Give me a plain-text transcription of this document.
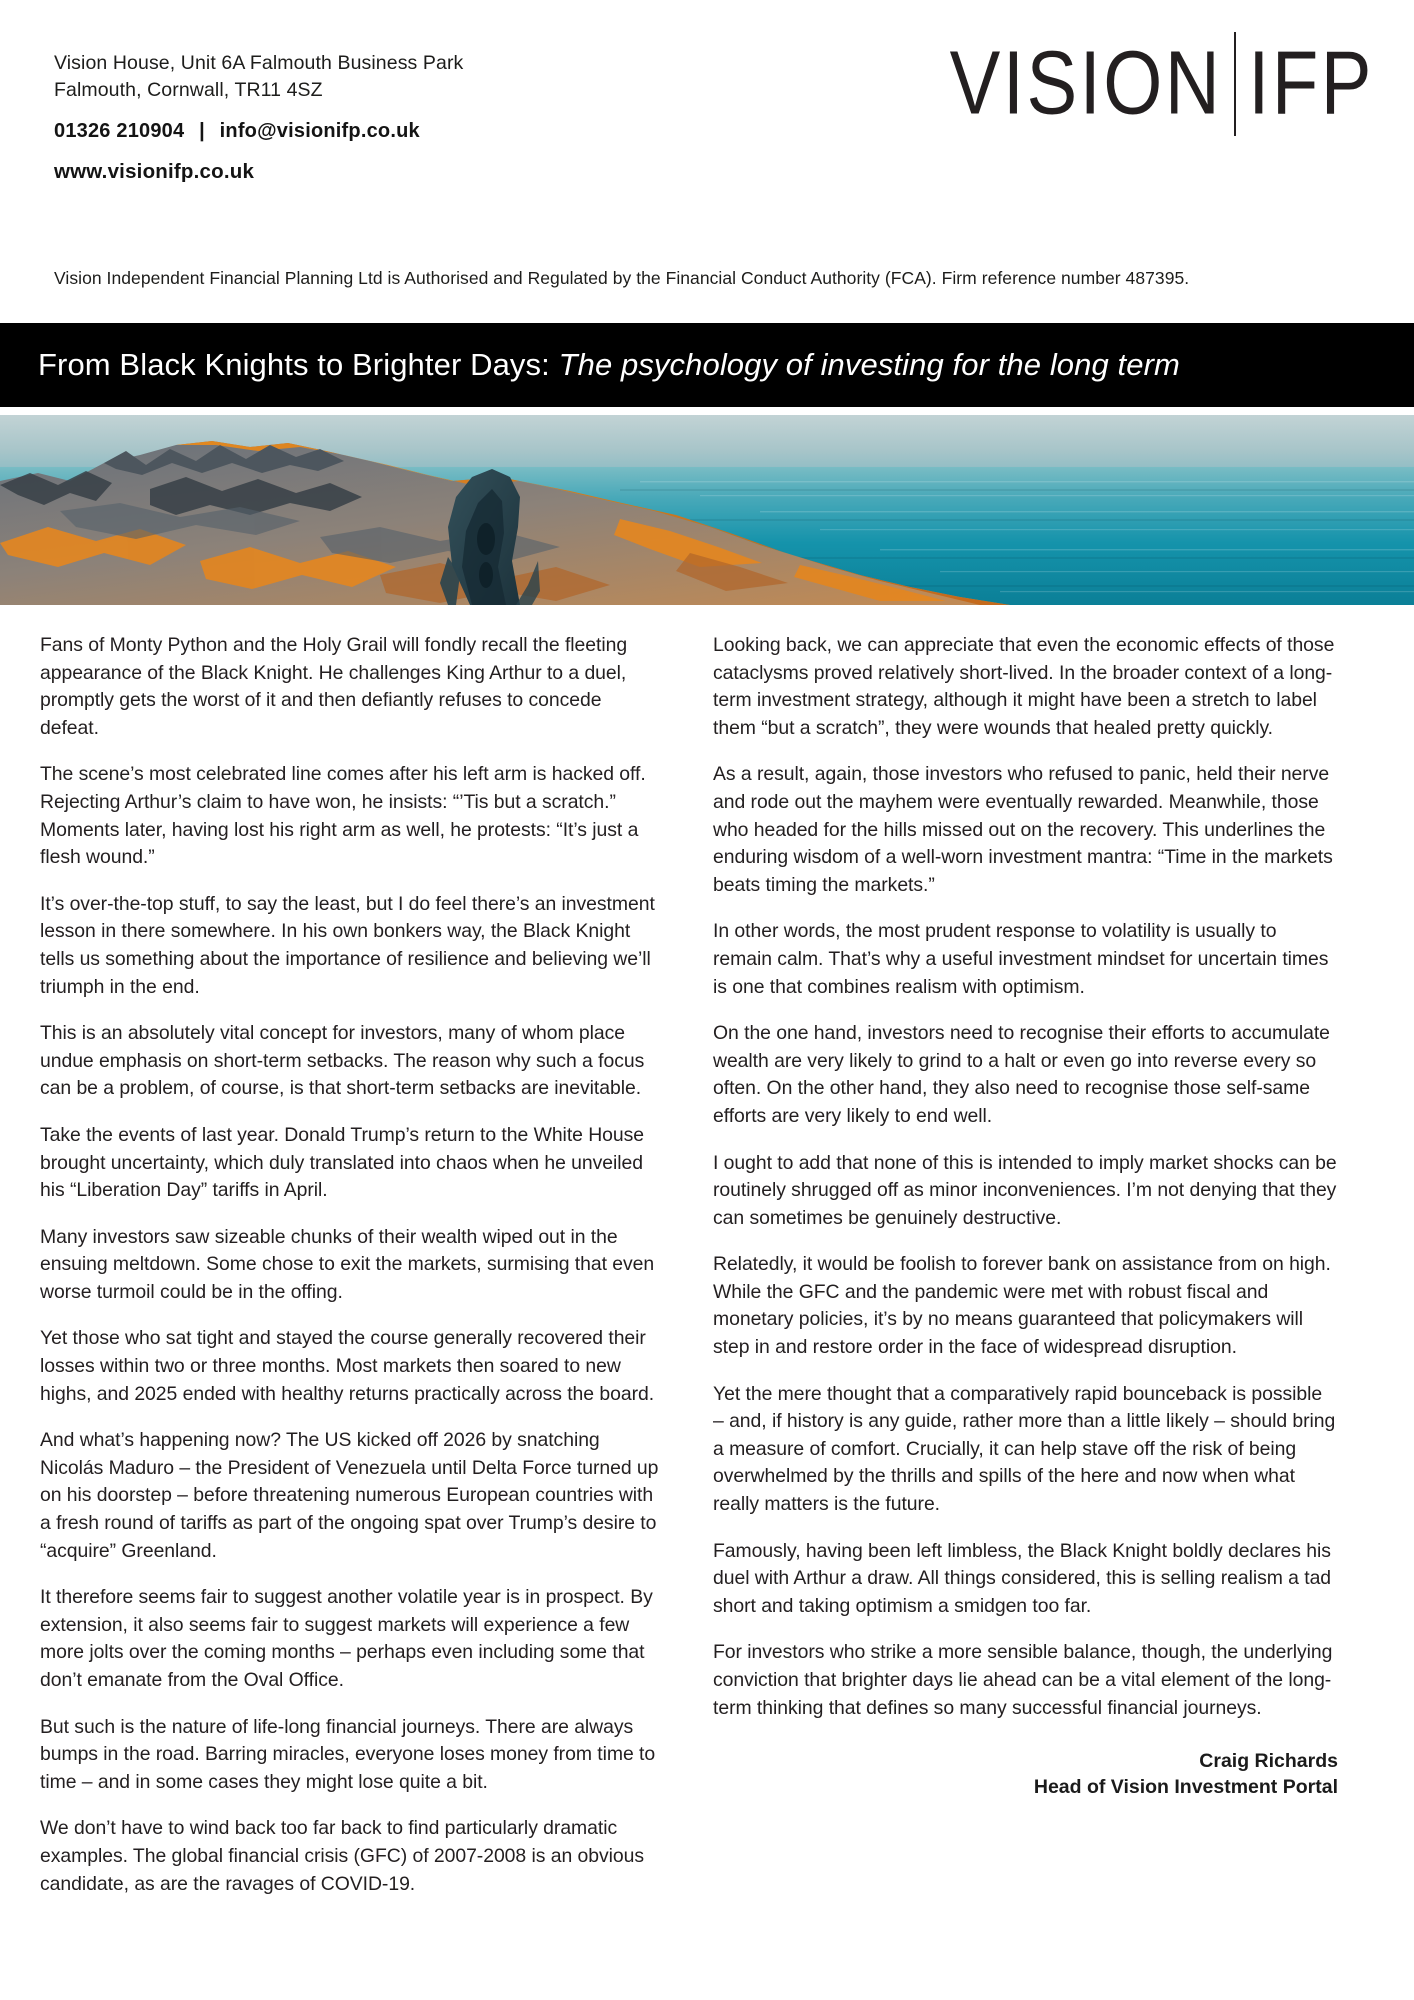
Vision House, Unit 6A Falmouth Business Park
Falmouth, Cornwall, TR11 4SZ
01326 210904 | info@visionifp.co.uk
www.visionifp.co.uk
VISION IFP
Vision Independent Financial Planning Ltd is Authorised and Regulated by the Financial Conduct Authority (FCA). Firm reference number 487395.
From Black Knights to Brighter Days: The psychology of investing for the long term

Fans of Monty Python and the Holy Grail will fondly recall the fleeting appearance of the Black Knight. He challenges King Arthur to a duel, promptly gets the worst of it and then defiantly refuses to concede defeat.

The scene’s most celebrated line comes after his left arm is hacked off. Rejecting Arthur’s claim to have won, he insists: “’Tis but a scratch.” Moments later, having lost his right arm as well, he protests: “It’s just a flesh wound.”

It’s over-the-top stuff, to say the least, but I do feel there’s an investment lesson in there somewhere. In his own bonkers way, the Black Knight tells us something about the importance of resilience and believing we’ll triumph in the end.

This is an absolutely vital concept for investors, many of whom place undue emphasis on short-term setbacks. The reason why such a focus can be a problem, of course, is that short-term setbacks are inevitable.

Take the events of last year. Donald Trump’s return to the White House brought uncertainty, which duly translated into chaos when he unveiled his “Liberation Day” tariffs in April.

Many investors saw sizeable chunks of their wealth wiped out in the ensuing meltdown. Some chose to exit the markets, surmising that even worse turmoil could be in the offing.

Yet those who sat tight and stayed the course generally recovered their losses within two or three months. Most markets then soared to new highs, and 2025 ended with healthy returns practically across the board.

And what’s happening now? The US kicked off 2026 by snatching Nicolás Maduro – the President of Venezuela until Delta Force turned up on his doorstep – before threatening numerous European countries with a fresh round of tariffs as part of the ongoing spat over Trump’s desire to “acquire” Greenland.

It therefore seems fair to suggest another volatile year is in prospect. By extension, it also seems fair to suggest markets will experience a few more jolts over the coming months – perhaps even including some that don’t emanate from the Oval Office.

But such is the nature of life-long financial journeys. There are always bumps in the road. Barring miracles, everyone loses money from time to time – and in some cases they might lose quite a bit.

We don’t have to wind back too far back to find particularly dramatic examples. The global financial crisis (GFC) of 2007-2008 is an obvious candidate, as are the ravages of COVID-19.

Looking back, we can appreciate that even the economic effects of those cataclysms proved relatively short-lived. In the broader context of a long-term investment strategy, although it might have been a stretch to label them “but a scratch”, they were wounds that healed pretty quickly.

As a result, again, those investors who refused to panic, held their nerve and rode out the mayhem were eventually rewarded. Meanwhile, those who headed for the hills missed out on the recovery. This underlines the enduring wisdom of a well-worn investment mantra: “Time in the markets beats timing the markets.”

In other words, the most prudent response to volatility is usually to remain calm. That’s why a useful investment mindset for uncertain times is one that combines realism with optimism.

On the one hand, investors need to recognise their efforts to accumulate wealth are very likely to grind to a halt or even go into reverse every so often. On the other hand, they also need to recognise those self-same efforts are very likely to end well.

I ought to add that none of this is intended to imply market shocks can be routinely shrugged off as minor inconveniences. I’m not denying that they can sometimes be genuinely destructive.

Relatedly, it would be foolish to forever bank on assistance from on high. While the GFC and the pandemic were met with robust fiscal and monetary policies, it’s by no means guaranteed that policymakers will step in and restore order in the face of widespread disruption.

Yet the mere thought that a comparatively rapid bounceback is possible – and, if history is any guide, rather more than a little likely – should bring a measure of comfort. Crucially, it can help stave off the risk of being overwhelmed by the thrills and spills of the here and now when what really matters is the future.

Famously, having been left limbless, the Black Knight boldly declares his duel with Arthur a draw. All things considered, this is selling realism a tad short and taking optimism a smidgen too far.

For investors who strike a more sensible balance, though, the underlying conviction that brighter days lie ahead can be a vital element of the long-term thinking that defines so many successful financial journeys.

Craig Richards
Head of Vision Investment Portal
